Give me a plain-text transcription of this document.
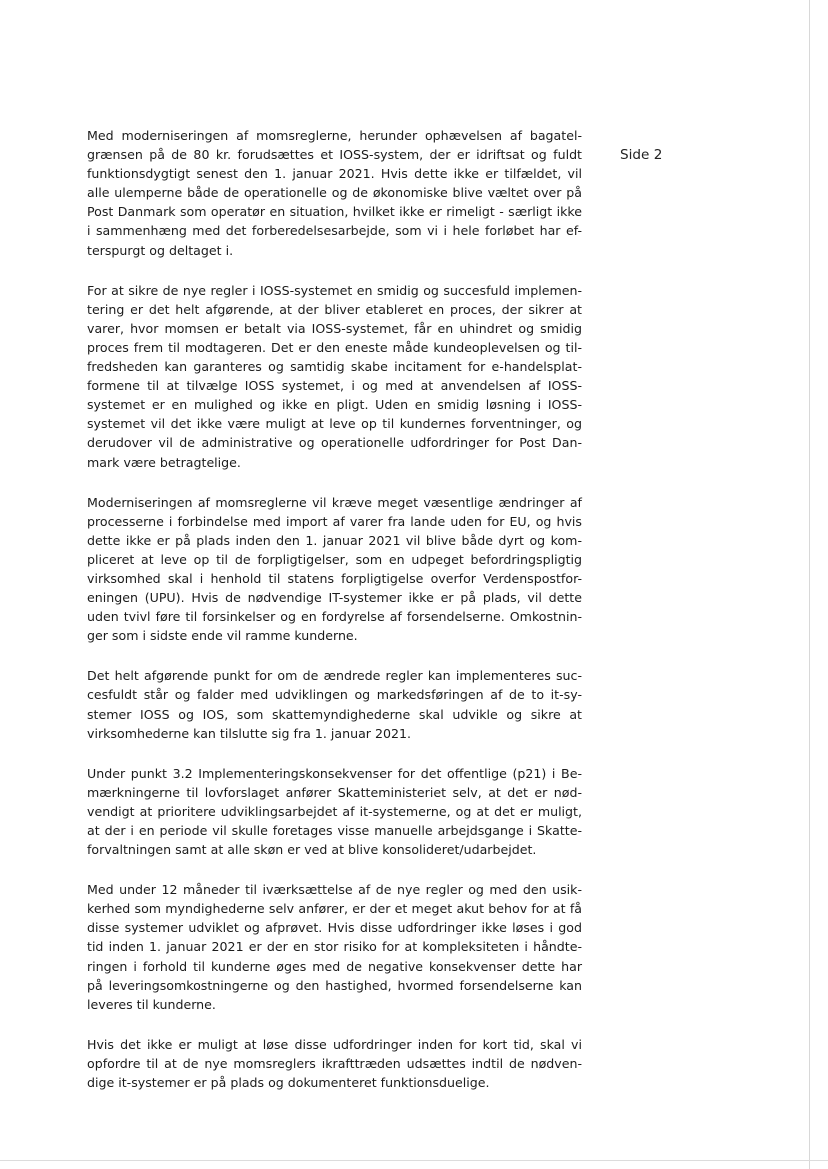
Side 2
Med moderniseringen af momsreglerne, herunder ophævelsen af bagatel-
grænsen på de 80 kr. forudsættes et IOSS-system, der er idriftsat og fuldt
funktionsdygtigt senest den 1. januar 2021. Hvis dette ikke er tilfældet, vil
alle ulemperne både de operationelle og de økonomiske blive væltet over på
Post Danmark som operatør en situation, hvilket ikke er rimeligt - særligt ikke
i sammenhæng med det forberedelsesarbejde, som vi i hele forløbet har ef-
terspurgt og deltaget i.
For at sikre de nye regler i IOSS-systemet en smidig og succesfuld implemen-
tering er det helt afgørende, at der bliver etableret en proces, der sikrer at
varer, hvor momsen er betalt via IOSS-systemet, får en uhindret og smidig
proces frem til modtageren. Det er den eneste måde kundeoplevelsen og til-
fredsheden kan garanteres og samtidig skabe incitament for e-handelsplat-
formene til at tilvælge IOSS systemet, i og med at anvendelsen af IOSS-
systemet er en mulighed og ikke en pligt. Uden en smidig løsning i IOSS-
systemet vil det ikke være muligt at leve op til kundernes forventninger, og
derudover vil de administrative og operationelle udfordringer for Post Dan-
mark være betragtelige.
Moderniseringen af momsreglerne vil kræve meget væsentlige ændringer af
processerne i forbindelse med import af varer fra lande uden for EU, og hvis
dette ikke er på plads inden den 1. januar 2021 vil blive både dyrt og kom-
pliceret at leve op til de forpligtigelser, som en udpeget befordringspligtig
virksomhed skal i henhold til statens forpligtigelse overfor Verdenspostfor-
eningen (UPU). Hvis de nødvendige IT-systemer ikke er på plads, vil dette
uden tvivl føre til forsinkelser og en fordyrelse af forsendelserne. Omkostnin-
ger som i sidste ende vil ramme kunderne.
Det helt afgørende punkt for om de ændrede regler kan implementeres suc-
cesfuldt står og falder med udviklingen og markedsføringen af de to it-sy-
stemer IOSS og IOS, som skattemyndighederne skal udvikle og sikre at
virksomhederne kan tilslutte sig fra 1. januar 2021.
Under punkt 3.2 Implementeringskonsekvenser for det offentlige (p21) i Be-
mærkningerne til lovforslaget anfører Skatteministeriet selv, at det er nød-
vendigt at prioritere udviklingsarbejdet af it-systemerne, og at det er muligt,
at der i en periode vil skulle foretages visse manuelle arbejdsgange i Skatte-
forvaltningen samt at alle skøn er ved at blive konsolideret/udarbejdet.
Med under 12 måneder til iværksættelse af de nye regler og med den usik-
kerhed som myndighederne selv anfører, er der et meget akut behov for at få
disse systemer udviklet og afprøvet. Hvis disse udfordringer ikke løses i god
tid inden 1. januar 2021 er der en stor risiko for at kompleksiteten i håndte-
ringen i forhold til kunderne øges med de negative konsekvenser dette har
på leveringsomkostningerne og den hastighed, hvormed forsendelserne kan
leveres til kunderne.
Hvis det ikke er muligt at løse disse udfordringer inden for kort tid, skal vi
opfordre til at de nye momsreglers ikrafttræden udsættes indtil de nødven-
dige it-systemer er på plads og dokumenteret funktionsduelige.
